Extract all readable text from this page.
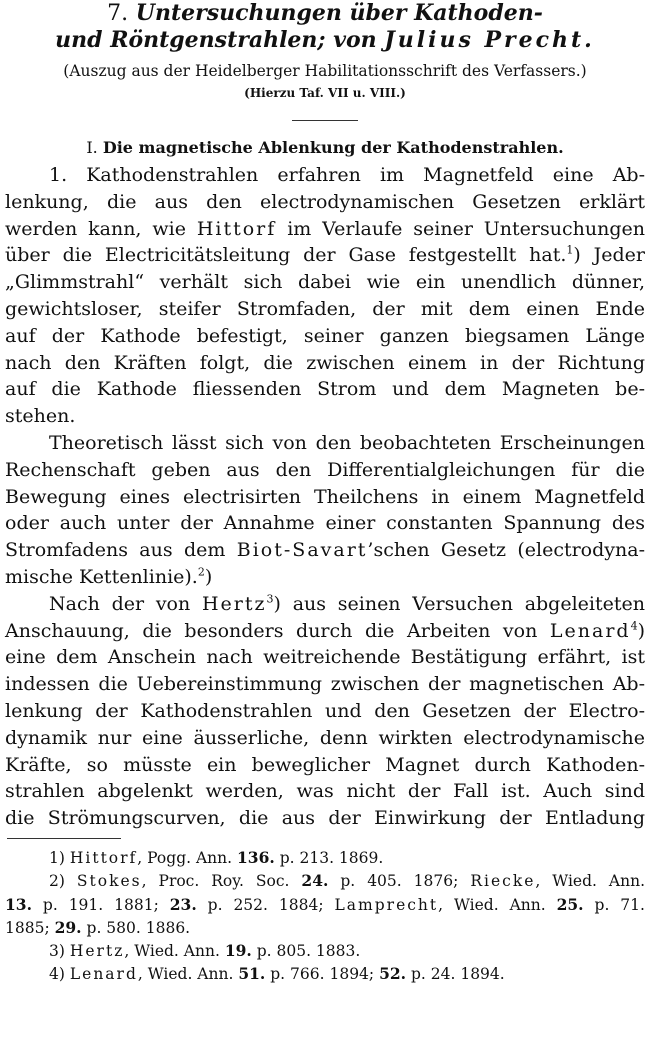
7. Untersuchungen über Kathoden-
und Röntgenstrahlen; von Julius Precht.

(Auszug aus der Heidelberger Habilitationsschrift des Verfassers.)

(Hierzu Taf. VII u. VIII.)

I. Die magnetische Ablenkung der Kathodenstrahlen.

1. Kathodenstrahlen erfahren im Magnetfeld eine Ab-
lenkung, die aus den electrodynamischen Gesetzen erklärt
werden kann, wie Hittorf im Verlaufe seiner Untersuchungen
über die Electricitätsleitung der Gase festgestellt hat.$^1$) Jeder
„Glimmstrahl“ verhält sich dabei wie ein unendlich dünner,
gewichtsloser, steifer Stromfaden, der mit dem einen Ende
auf der Kathode befestigt, seiner ganzen biegsamen Länge
nach den Kräften folgt, die zwischen einem in der Richtung
auf die Kathode fliessenden Strom und dem Magneten be-
stehen.
Theoretisch lässt sich von den beobachteten Erscheinungen
Rechenschaft geben aus den Differentialgleichungen für die
Bewegung eines electrisirten Theilchens in einem Magnetfeld
oder auch unter der Annahme einer constanten Spannung des
Stromfadens aus dem Biot-Savart’schen Gesetz (electrodyna-
mische Kettenlinie).$^2$)
Nach der von Hertz$^3$) aus seinen Versuchen abgeleiteten
Anschauung, die besonders durch die Arbeiten von Lenard$^4$)
eine dem Anschein nach weitreichende Bestätigung erfährt, ist
indessen die Uebereinstimmung zwischen der magnetischen Ab-
lenkung der Kathodenstrahlen und den Gesetzen der Electro-
dynamik nur eine äusserliche, denn wirkten electrodynamische
Kräfte, so müsste ein beweglicher Magnet durch Kathoden-
strahlen abgelenkt werden, was nicht der Fall ist. Auch sind
die Strömungscurven, die aus der Einwirkung der Entladung
1) Hittorf, Pogg. Ann. 136. p. 213. 1869.
2) Stokes, Proc. Roy. Soc. 24. p. 405. 1876; Riecke, Wied. Ann.
13. p. 191. 1881; 23. p. 252. 1884; Lamprecht, Wied. Ann. 25. p. 71.
1885; 29. p. 580. 1886.
3) Hertz, Wied. Ann. 19. p. 805. 1883.
4) Lenard, Wied. Ann. 51. p. 766. 1894; 52. p. 24. 1894.
